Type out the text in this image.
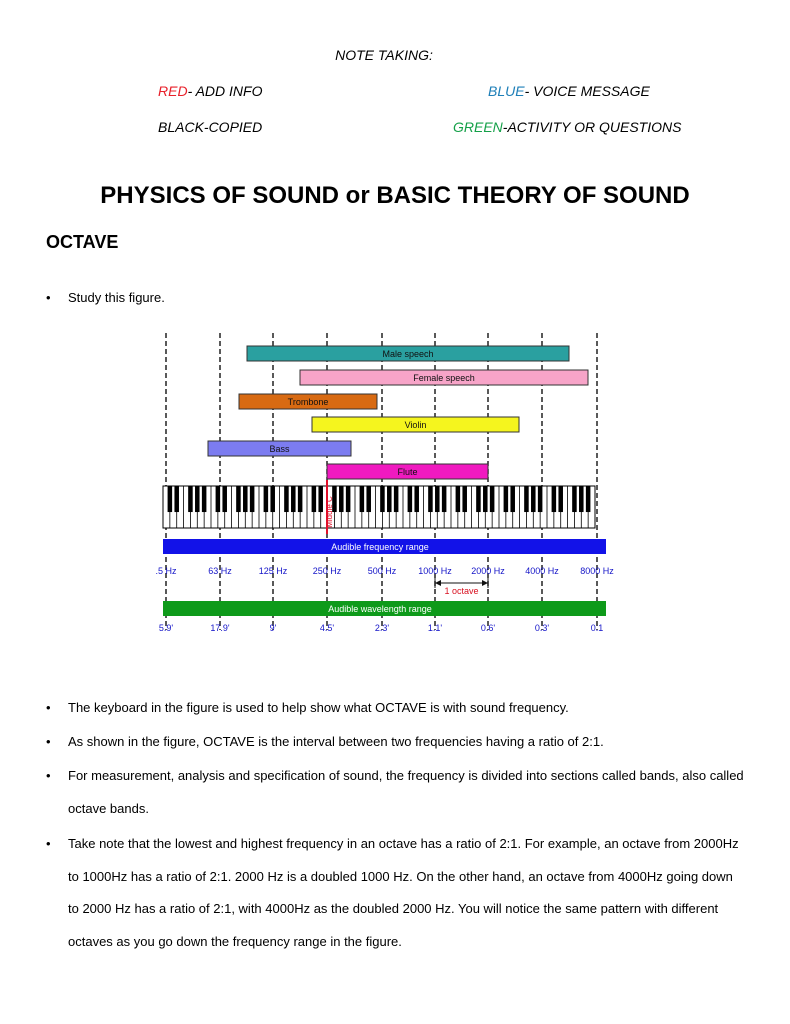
NOTE TAKING:
RED- ADD INFO	BLUE- VOICE MESSAGE
BLACK-COPIED	GREEN-ACTIVITY OR QUESTIONS
PHYSICS OF SOUND or BASIC THEORY OF SOUND
OCTAVE
• Study this figure.
Male speech
Female speech
Trombone
Violin
Bass
Flute
Middle C
Audible frequency range
.5 Hz	63 Hz	125 Hz	250 Hz	500 Hz 1000 Hz 2000 Hz 4000 Hz 8000 Hz
1 octave
Audible wavelength range
5.9'	17.9'	9'	4.5'	2.3'	1.1'	0.6'	0.3'	0.1
• The keyboard in the figure is used to help show what OCTAVE is with sound frequency.
• As shown in the figure, OCTAVE is the interval between two frequencies having a ratio of 2:1.
• For measurement, analysis and specification of sound, the frequency is divided into sections called bands, also called octave bands.
• Take note that the lowest and highest frequency in an octave has a ratio of 2:1. For example, an octave from 2000Hz to 1000Hz has a ratio of 2:1. 2000 Hz is a doubled 1000 Hz. On the other hand, an octave from 4000Hz going down to 2000 Hz has a ratio of 2:1, with 4000Hz as the doubled 2000 Hz. You will notice the same pattern with different octaves as you go down the frequency range in the figure.
